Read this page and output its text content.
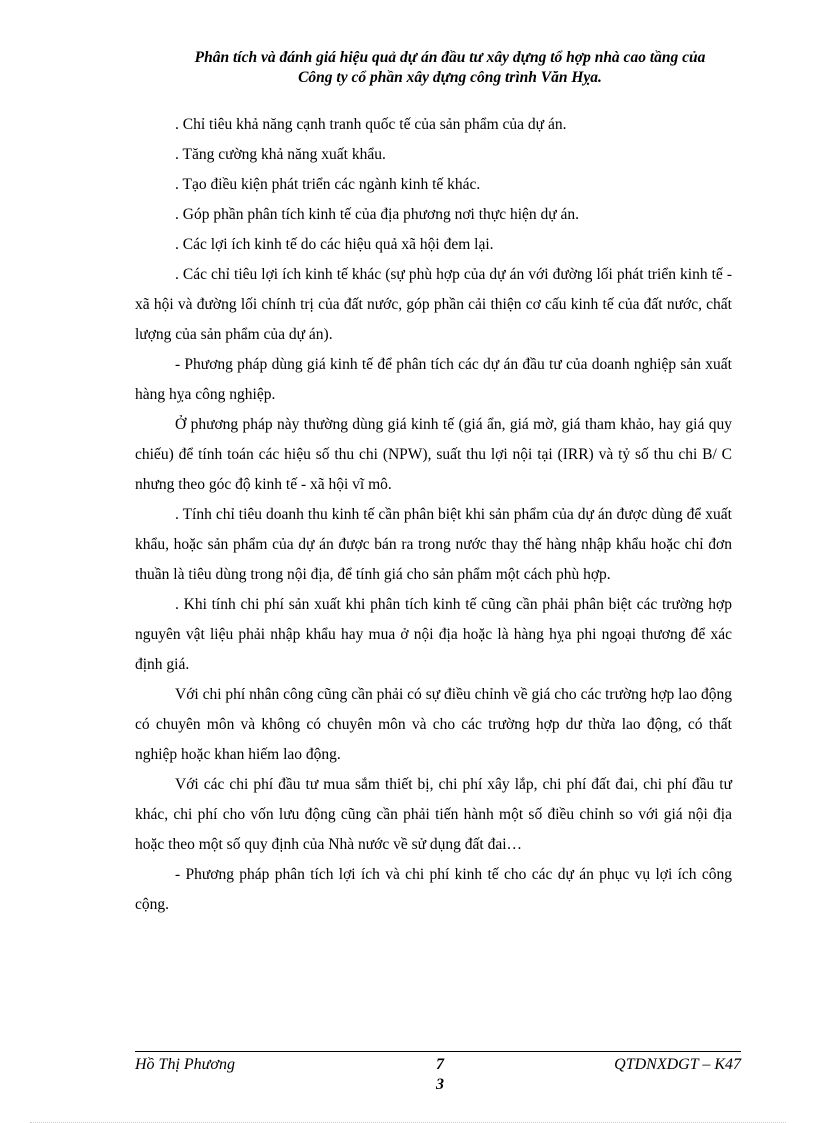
Phân tích và đánh giá hiệu quả dự án đầu tư xây dựng tổ hợp nhà cao tầng của
Công ty cổ phần xây dựng công trình Văn Hỵa.

. Chỉ tiêu khả năng cạnh tranh quốc tế của sản phẩm của dự án.

. Tăng cường khả năng xuất khẩu.

. Tạo điều kiện phát triển các ngành kinh tế khác.

. Góp phần phân tích kinh tế của địa phương nơi thực hiện dự án.

. Các lợi ích kinh tế do các hiệu quả xã hội đem lại.

. Các chỉ tiêu lợi ích kinh tế khác (sự phù hợp của dự án với đường lối phát triển kinh tế - xã hội và đường lối chính trị của đất nước, góp phần cải thiện cơ cấu kinh tế của đất nước, chất lượng của sản phẩm của dự án).

- Phương pháp dùng giá kinh tế để phân tích các dự án đầu tư của doanh nghiệp sản xuất hàng hỵa công nghiệp.

Ở phương pháp này thường dùng giá kinh tế (giá ẩn, giá mờ, giá tham khảo, hay giá quy chiếu) để tính toán các hiệu số thu chi (NPW), suất thu lợi nội tại (IRR) và tỷ số thu chi B/ C nhưng theo góc độ kinh tế - xã hội vĩ mô.

. Tính chỉ tiêu doanh thu kinh tế cần phân biệt khi sản phẩm của dự án được dùng để xuất khẩu, hoặc sản phẩm của dự án được bán ra trong nước thay thế hàng nhập khẩu hoặc chỉ đơn thuần là tiêu dùng trong nội địa, để tính giá cho sản phẩm một cách phù hợp.

. Khi tính chi phí sản xuất khi phân tích kinh tế cũng cần phải phân biệt các trường hợp nguyên vật liệu phải nhập khẩu hay mua ở nội địa hoặc là hàng hỵa phi ngoại thương để xác định giá.

Với chi phí nhân công cũng cần phải có sự điều chỉnh về giá cho các trường hợp lao động có chuyên môn và không có chuyên môn và cho các trường hợp dư thừa lao động, có thất nghiệp hoặc khan hiếm lao động.

Với các chi phí đầu tư mua sắm thiết bị, chi phí xây lắp, chi phí đất đai, chi phí đầu tư khác, chi phí cho vốn lưu động cũng cần phải tiến hành một số điều chỉnh so với giá nội địa hoặc theo một số quy định của Nhà nước về sử dụng đất đai…

- Phương pháp phân tích lợi ích và chi phí kinh tế cho các dự án phục vụ lợi ích công cộng.

Hồ Thị Phương	7
3
QTDNXDGT – K47
